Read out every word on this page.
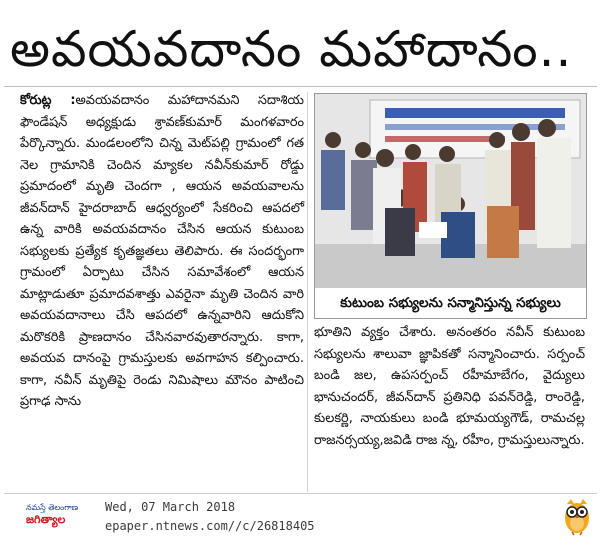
అవయవదానం మహాదానం..

కోరుట్ల :అవయవదానం మహాదానమని సదాశియ ఫౌండేషన్‌ అధ్యక్షుడు శ్రావణ్‌కుమార్‌ మంగళవారం పేర్కొన్నారు. మండలంలోని చిన్న మెట్‌పల్లి గ్రామంలో గత నెల గ్రామానికి చెందిన మ్యాకల నవీన్‌కుమార్‌ రోడ్డు ప్రమాదంలో మృతి చెందగా , ఆయన అవయవాలను జీవన్‌దాన్‌ హైదరాబాద్‌ ఆధ్వర్యంలో సేకరించి ఆపదలో ఉన్న వారికి అవయవదానం చేసిన ఆయన కుటుంబ సభ్యులకు ప్రత్యేక కృతజ్ఞతలు తెలిపారు. ఈ సందర్భంగా గ్రామంలో ఏర్పాటు చేసిన సమావేశంలో ఆయన మాట్లాడుతూ ప్రమాదవశాత్తు ఎవరైనా మృతి చెందిన వారి అవయవదానాలు చేసి ఆపదలో ఉన్నవారిని ఆదుకోని మరొకరికి ప్రాణదానం చేసినవారవుతారన్నారు. కాగా, అవయవ దానంపై గ్రామస్తులకు అవగాహన కల్పించారు. కాగా, నవీన్‌ మృతిపై రెండు నిమిషాలు మౌనం పాటించి ప్రగాఢ సాను

కుటుంబ సభ్యులను సన్మానిస్తున్న సభ్యులు
భూతిని వ్యక్తం చేశారు. అనంతరం నవీన్‌ కుటుంబ సభ్యులను శాలువా జ్ఞాపికతో సన్మానించారు. సర్పంచ్‌ బండి జల, ఉపసర్పంచ్‌ రహీమాబేగం, వైద్యులు భానుచందర్‌, జీవన్‌దాన్‌ ప్రతినిధి పవన్‌రెడ్డి, రాంరెడ్డి, కులకర్ణి, నాయకులు బండి భూమయ్యగౌడ్‌, రామచల్ల రాజనర్సయ్య,జవిడి రాజ న్న, రహీం, గ్రామస్తులున్నారు.
నమస్తే తెలంగాణ
జగిత్యాల
Wed, 07 March 2018
epaper.ntnews.com//c/26818405
